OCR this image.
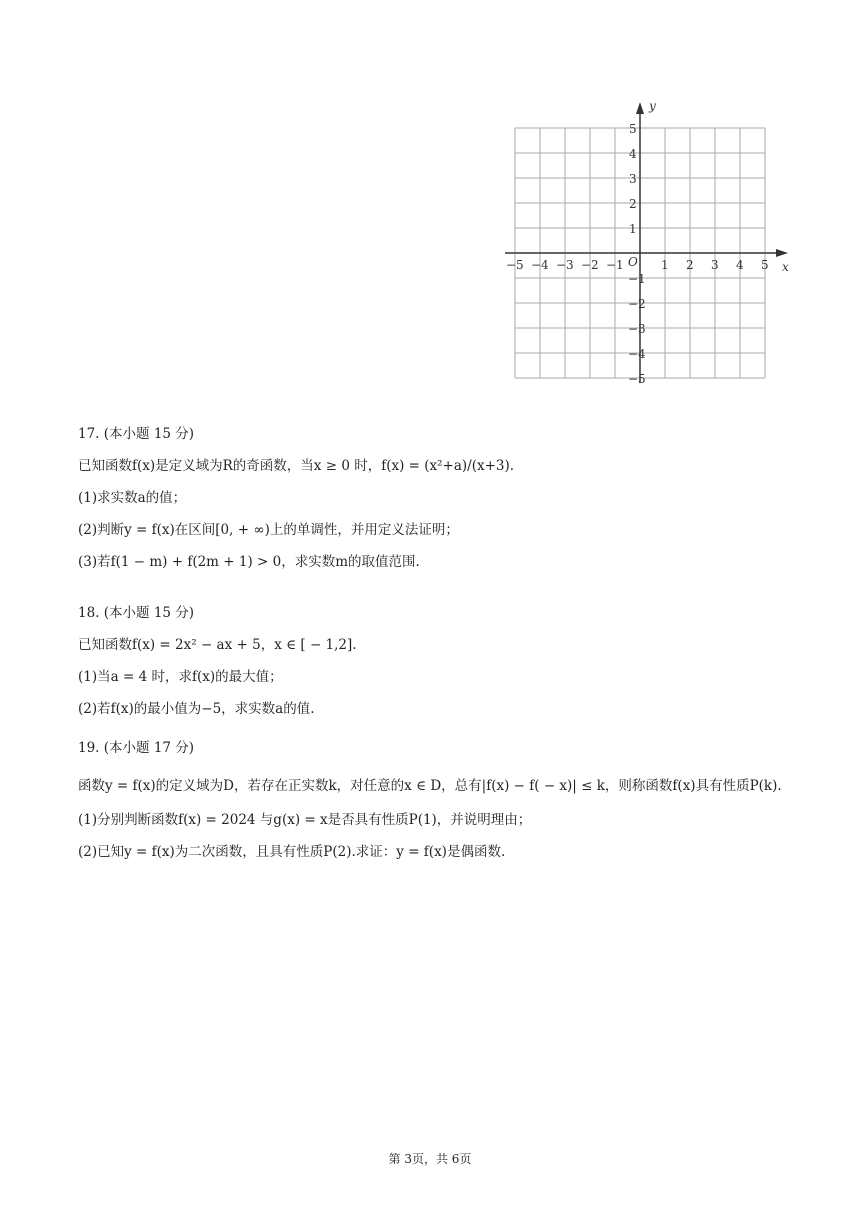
x
y
O
−5 −4 −3 −2 −1	1 2 3 4 5
5
4
3
2
1
−1
−2
−3
−4
−5
17. (本小题 15 分)
已知函数f(x)是定义域为R的奇函数，当x ≥ 0 时，f(x) = (x²+a)/(x+3).
(1)求实数a的值；
(2)判断y = f(x)在区间[0, + ∞)上的单调性，并用定义法证明；
(3)若f(1 − m) + f(2m + 1) > 0，求实数m的取值范围.
18. (本小题 15 分)
已知函数f(x) = 2x² − ax + 5，x ∈ [ − 1,2].
(1)当a = 4 时，求f(x)的最大值；
(2)若f(x)的最小值为−5，求实数a的值.
19. (本小题 17 分)
函数y = f(x)的定义域为D，若存在正实数k，对任意的x ∈ D，总有|f(x) − f( − x)| ≤ k，则称函数f(x)具有性质P(k).
(1)分别判断函数f(x) = 2024 与g(x) = x是否具有性质P(1)，并说明理由；
(2)已知y = f(x)为二次函数，且具有性质P(2).求证：y = f(x)是偶函数.
第 3页，共 6页
